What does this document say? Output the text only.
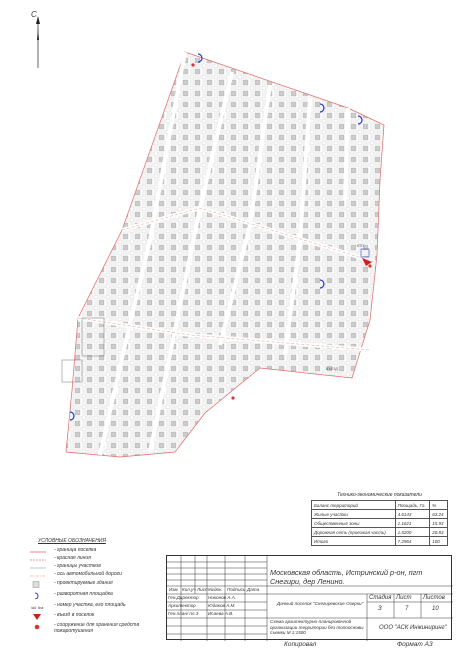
С
КТП
ВЪЕЗД
Технико-экономические показатели
Баланс территорий	Площадь, Га	%
Жилые участки	4.6143	63.24
Общественные зоны	1.1621	15.93
Дорожная сеть (проезжая часть)	1.5200	20.83
Итого	7.2964	100
УСЛОВНЫЕ ОБОЗНАЧЕНИЯ
- граница поселка
- красная линия
- границы участков
- ось автомобильной дороги
- проектируемые здания
- разворотная площадка
№1 6ca - номер участка, его площадь
- въезд в поселок
- сооружение для хранения средств пожаротушения
Изм. Кол.уч Лист №док. Подпись Дата
Ген.Директор Никонов А.А.
Архитектор	Юдаков А.М.
Ген.план/ пл.3 Исаева А.В.
Московская область, Истринский р-он, пгт Снегири, дер Ленино.
Дачный поселок "Снегиревские Озерки"
Схема архитектурно-планировочной организации территории без топоосновы съемки М 1:1500
Стадия Лист Листов
З	7	10
ООО "АСК Инжиниринг"
Копировал	Формат А3
